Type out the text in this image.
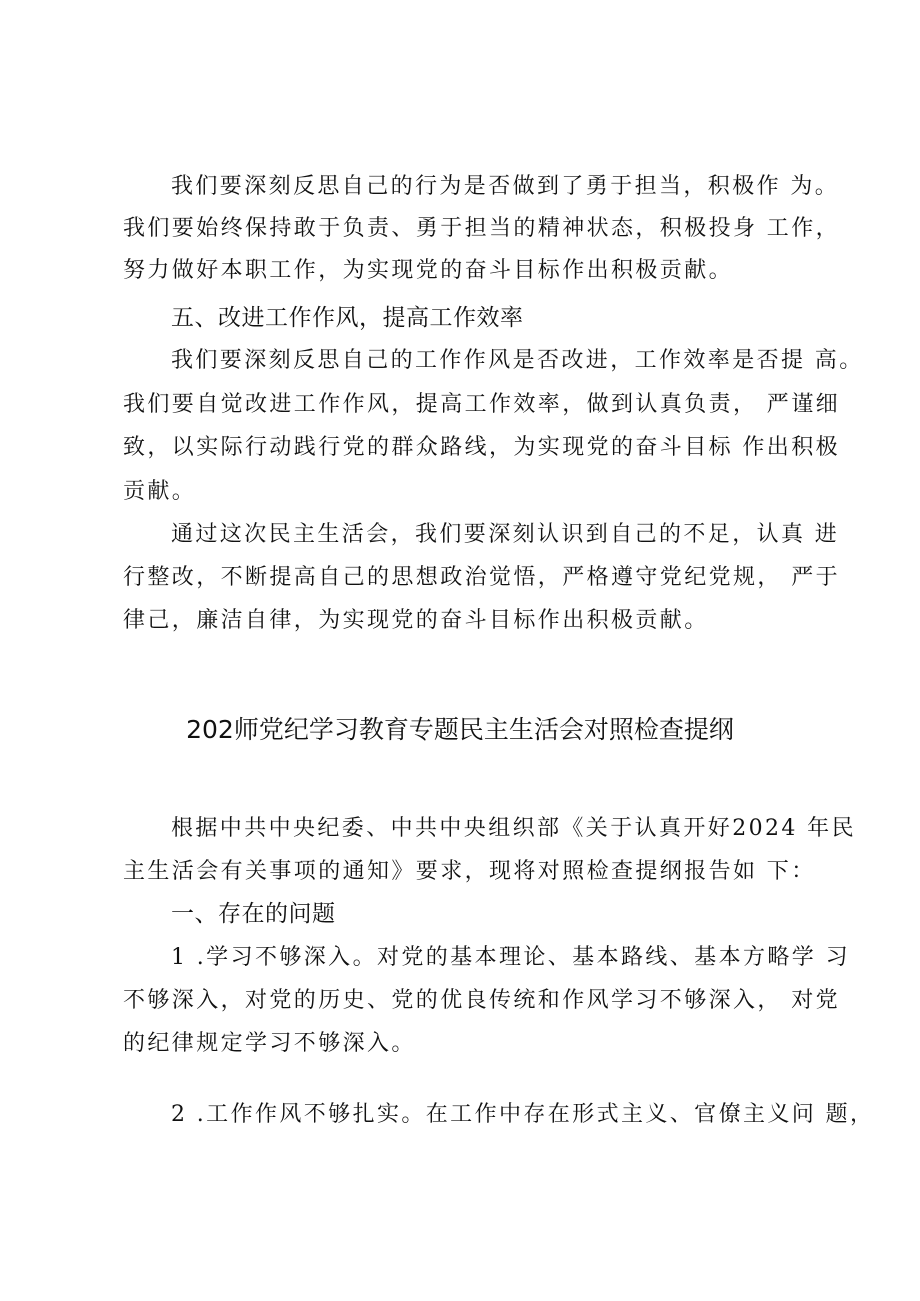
我们要深刻反思自己的行为是否做到了勇于担当，积极作 为。
我们要始终保持敢于负责、勇于担当的精神状态，积极投身 工作，
努力做好本职工作，为实现党的奋斗目标作出积极贡献。
五、改进工作作风，提高工作效率
我们要深刻反思自己的工作作风是否改进，工作效率是否提 高。
我们要自觉改进工作作风，提高工作效率，做到认真负责， 严谨细
致，以实际行动践行党的群众路线，为实现党的奋斗目标 作出积极
贡献。
通过这次民主生活会，我们要深刻认识到自己的不足，认真 进
行整改，不断提高自己的思想政治觉悟，严格遵守党纪党规， 严于
律己，廉洁自律，为实现党的奋斗目标作出积极贡献。
202师党纪学习教育专题民主生活会对照检查提纲
根据中共中央纪委、中共中央组织部《关于认真开好2024 年民
主生活会有关事项的通知》要求，现将对照检查提纲报告如 下：
一、存在的问题
1 .学习不够深入。对党的基本理论、基本路线、基本方略学 习
不够深入，对党的历史、党的优良传统和作风学习不够深入， 对党
的纪律规定学习不够深入。
2 .工作作风不够扎实。在工作中存在形式主义、官僚主义问 题，
